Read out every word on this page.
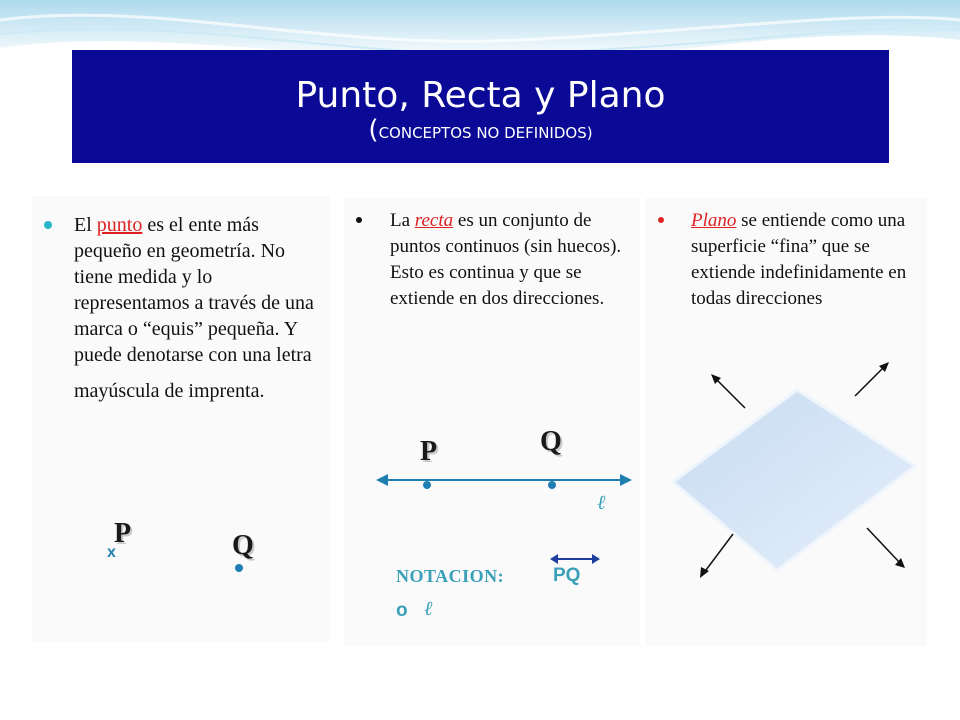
Punto, Recta y Plano
(CONCEPTOS NO DEFINIDOS)
El punto es el ente más pequeño en geometría. No tiene medida y lo representamos a través de una marca o “equis” pequeña. Y puede denotarse con una letra
mayúscula de imprenta.
P
x	Q
La recta es un conjunto de puntos continuos (sin huecos). Esto es continua y que se extiende en dos direcciones.
P	Q
ℓ
NOTACION:	PQ
o ℓ
Plano se entiende como una superficie “fina” que se extiende indefinidamente en todas direcciones
